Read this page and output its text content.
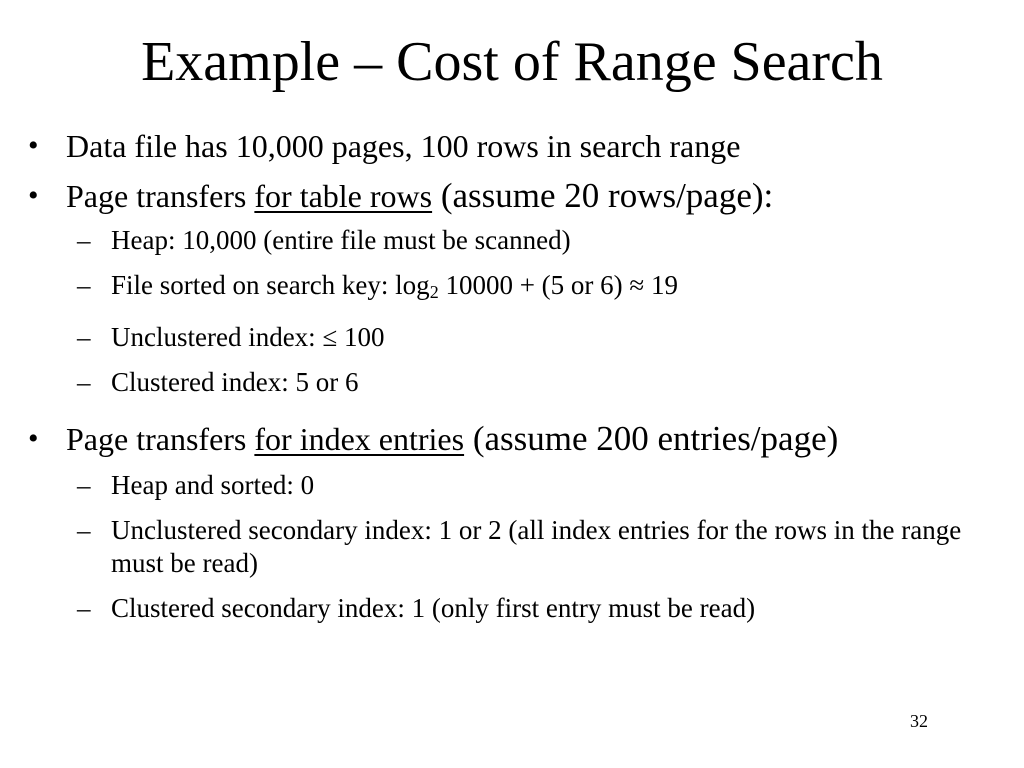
Example – Cost of Range Search
• Data file has 10,000 pages, 100 rows in search range
• Page transfers for table rows (assume 20 rows/page):
– Heap: 10,000 (entire file must be scanned)
– File sorted on search key: $\log_2 10000 + (5$ or 6) ≈ 19
– Unclustered index: ≤ 100
– Clustered index: 5 or 6
• Page transfers for index entries (assume 200 entries/page)
– Heap and sorted: 0
– Unclustered secondary index: 1 or 2 (all index entries for the rows in the range must be read)
– Clustered secondary index: 1 (only first entry must be read)
32
